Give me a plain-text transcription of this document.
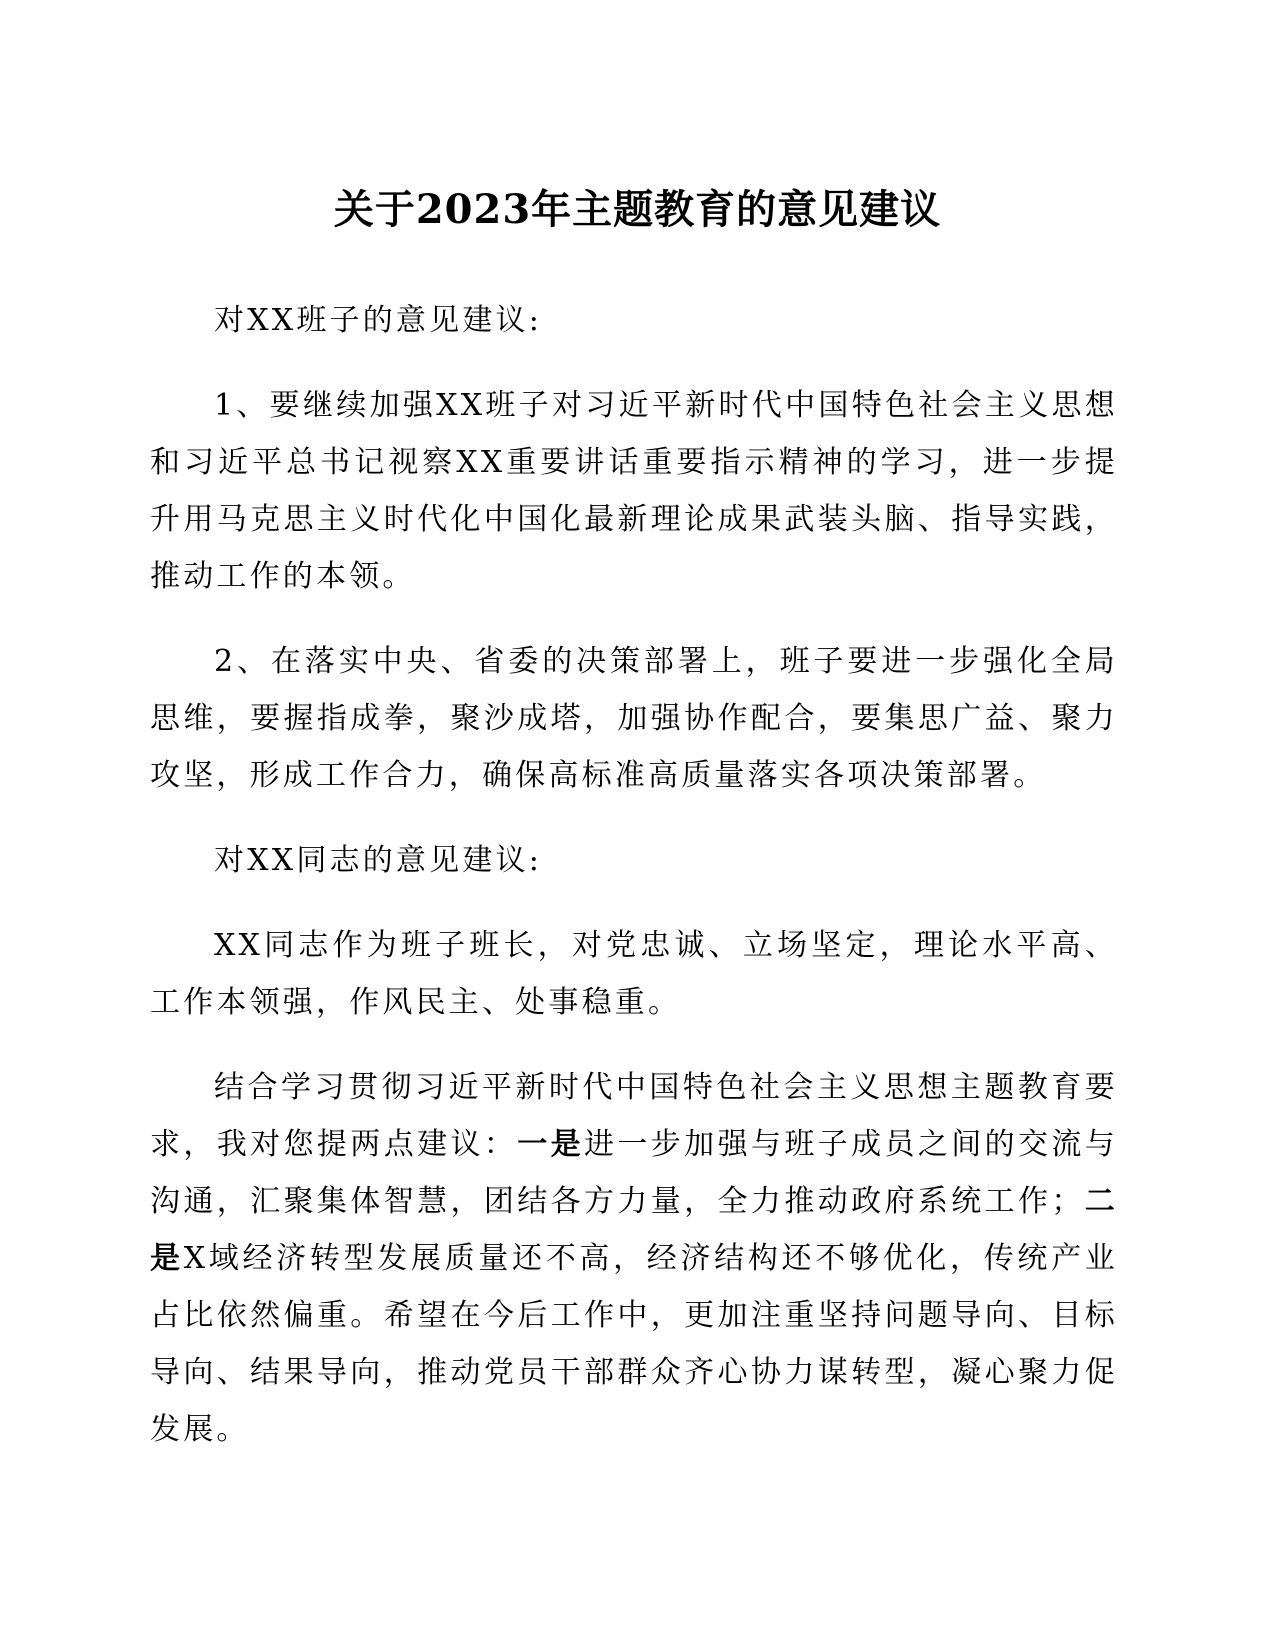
关于2023年主题教育的意见建议

对XX班子的意见建议:

1、要继续加强XX班子对习近平新时代中国特色社会主义思想和习近平总书记视察XX重要讲话重要指示精神的学习，进一步提升用马克思主义时代化中国化最新理论成果武装头脑、指导实践，推动工作的本领。

2、在落实中央、省委的决策部署上，班子要进一步强化全局思维，要握指成拳，聚沙成塔，加强协作配合，要集思广益、聚力攻坚，形成工作合力，确保高标准高质量落实各项决策部署。

对XX同志的意见建议:

XX同志作为班子班长，对党忠诚、立场坚定，理论水平高、工作本领强，作风民主、处事稳重。

结合学习贯彻习近平新时代中国特色社会主义思想主题教育要求，我对您提两点建议：一是进一步加强与班子成员之间的交流与沟通，汇聚集体智慧，团结各方力量，全力推动政府系统工作；二是X域经济转型发展质量还不高，经济结构还不够优化，传统产业占比依然偏重。希望在今后工作中，更加注重坚持问题导向、目标导向、结果导向，推动党员干部群众齐心协力谋转型，凝心聚力促发展。
